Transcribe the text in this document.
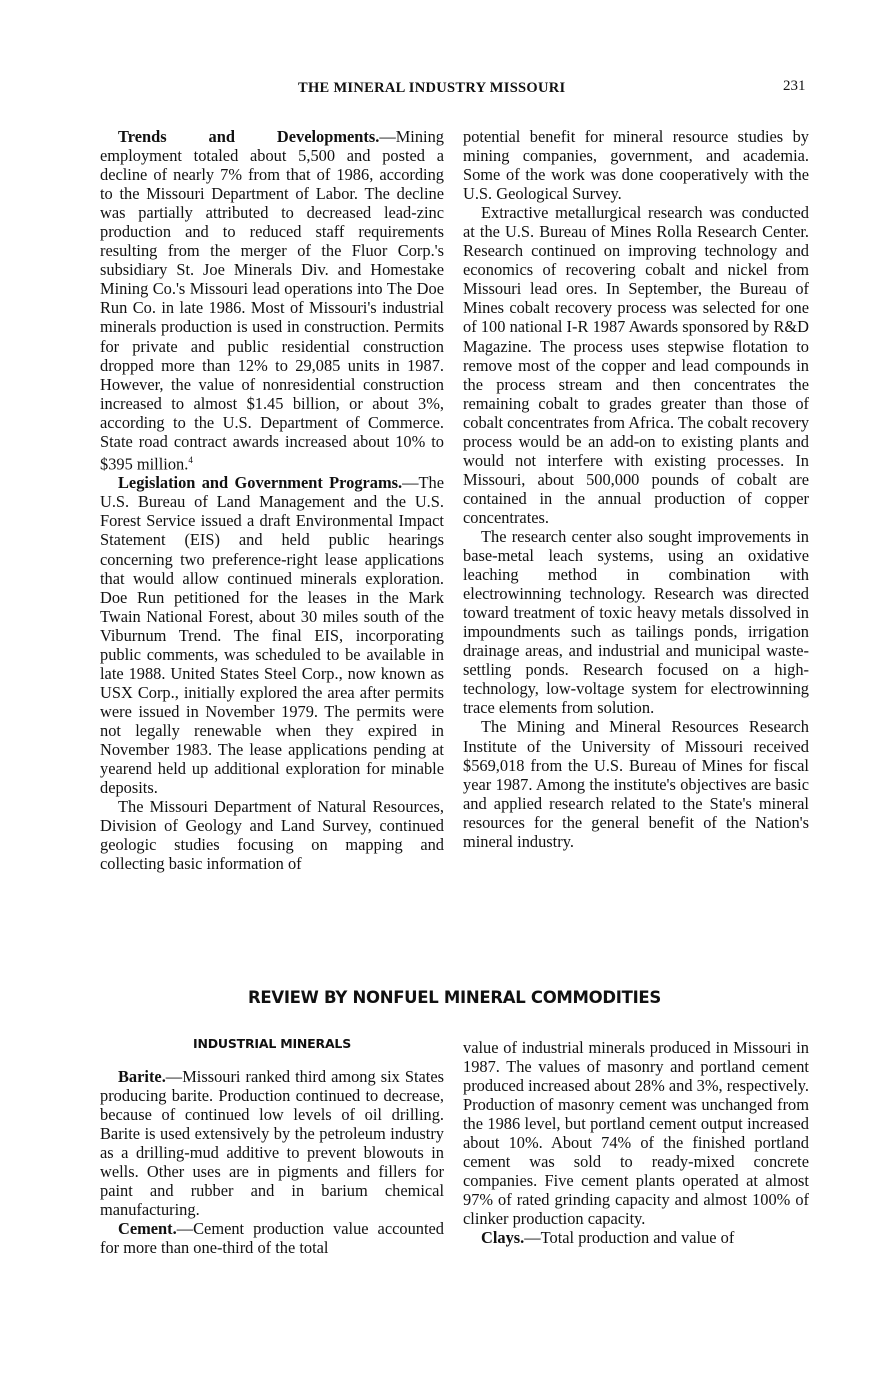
THE MINERAL INDUSTRY MISSOURI	231

Trends and Developments.—Mining employment totaled about 5,500 and posted a decline of nearly 7% from that of 1986, according to the Missouri Department of Labor. The decline was partially attributed to decreased lead-zinc production and to reduced staff requirements resulting from the merger of the Fluor Corp.'s subsidiary St. Joe Minerals Div. and Homestake Mining Co.'s Missouri lead operations into The Doe Run Co. in late 1986. Most of Missouri's industrial minerals production is used in construction. Permits for private and public residential construction dropped more than 12% to 29,085 units in 1987. However, the value of nonresidential construction increased to almost $1.45 billion, or about 3%, according to the U.S. Department of Commerce. State road contract awards increased about 10% to $395 million.$^4$

Legislation and Government Programs.—The U.S. Bureau of Land Management and the U.S. Forest Service issued a draft Environmental Impact Statement (EIS) and held public hearings concerning two preference-right lease applications that would allow continued minerals exploration. Doe Run petitioned for the leases in the Mark Twain National Forest, about 30 miles south of the Viburnum Trend. The final EIS, incorporating public comments, was scheduled to be available in late 1988. United States Steel Corp., now known as USX Corp., initially explored the area after permits were issued in November 1979. The permits were not legally renewable when they expired in November 1983. The lease applications pending at yearend held up additional exploration for minable deposits.

The Missouri Department of Natural Resources, Division of Geology and Land Survey, continued geologic studies focusing on mapping and collecting basic information of

potential benefit for mineral resource studies by mining companies, government, and academia. Some of the work was done cooperatively with the U.S. Geological Survey.

Extractive metallurgical research was conducted at the U.S. Bureau of Mines Rolla Research Center. Research continued on improving technology and economics of recovering cobalt and nickel from Missouri lead ores. In September, the Bureau of Mines cobalt recovery process was selected for one of 100 national I-R 1987 Awards sponsored by R&D Magazine. The process uses stepwise flotation to remove most of the copper and lead compounds in the process stream and then concentrates the remaining cobalt to grades greater than those of cobalt concentrates from Africa. The cobalt recovery process would be an add-on to existing plants and would not interfere with existing processes. In Missouri, about 500,000 pounds of cobalt are contained in the annual production of copper concentrates.

The research center also sought improvements in base-metal leach systems, using an oxidative leaching method in combination with electrowinning technology. Research was directed toward treatment of toxic heavy metals dissolved in impoundments such as tailings ponds, irrigation drainage areas, and industrial and municipal waste-settling ponds. Research focused on a high-technology, low-voltage system for electrowinning trace elements from solution.

The Mining and Mineral Resources Research Institute of the University of Missouri received $569,018 from the U.S. Bureau of Mines for fiscal year 1987. Among the institute's objectives are basic and applied research related to the State's mineral resources for the general benefit of the Nation's mineral industry.

REVIEW BY NONFUEL MINERAL COMMODITIES
INDUSTRIAL MINERALS

Barite.—Missouri ranked third among six States producing barite. Production continued to decrease, because of continued low levels of oil drilling. Barite is used extensively by the petroleum industry as a drilling-mud additive to prevent blowouts in wells. Other uses are in pigments and fillers for paint and rubber and in barium chemical manufacturing.

Cement.—Cement production value accounted for more than one-third of the total

value of industrial minerals produced in Missouri in 1987. The values of masonry and portland cement produced increased about 28% and 3%, respectively. Production of masonry cement was unchanged from the 1986 level, but portland cement output increased about 10%. About 74% of the finished portland cement was sold to ready-mixed concrete companies. Five cement plants operated at almost 97% of rated grinding capacity and almost 100% of clinker production capacity.

Clays.—Total production and value of
